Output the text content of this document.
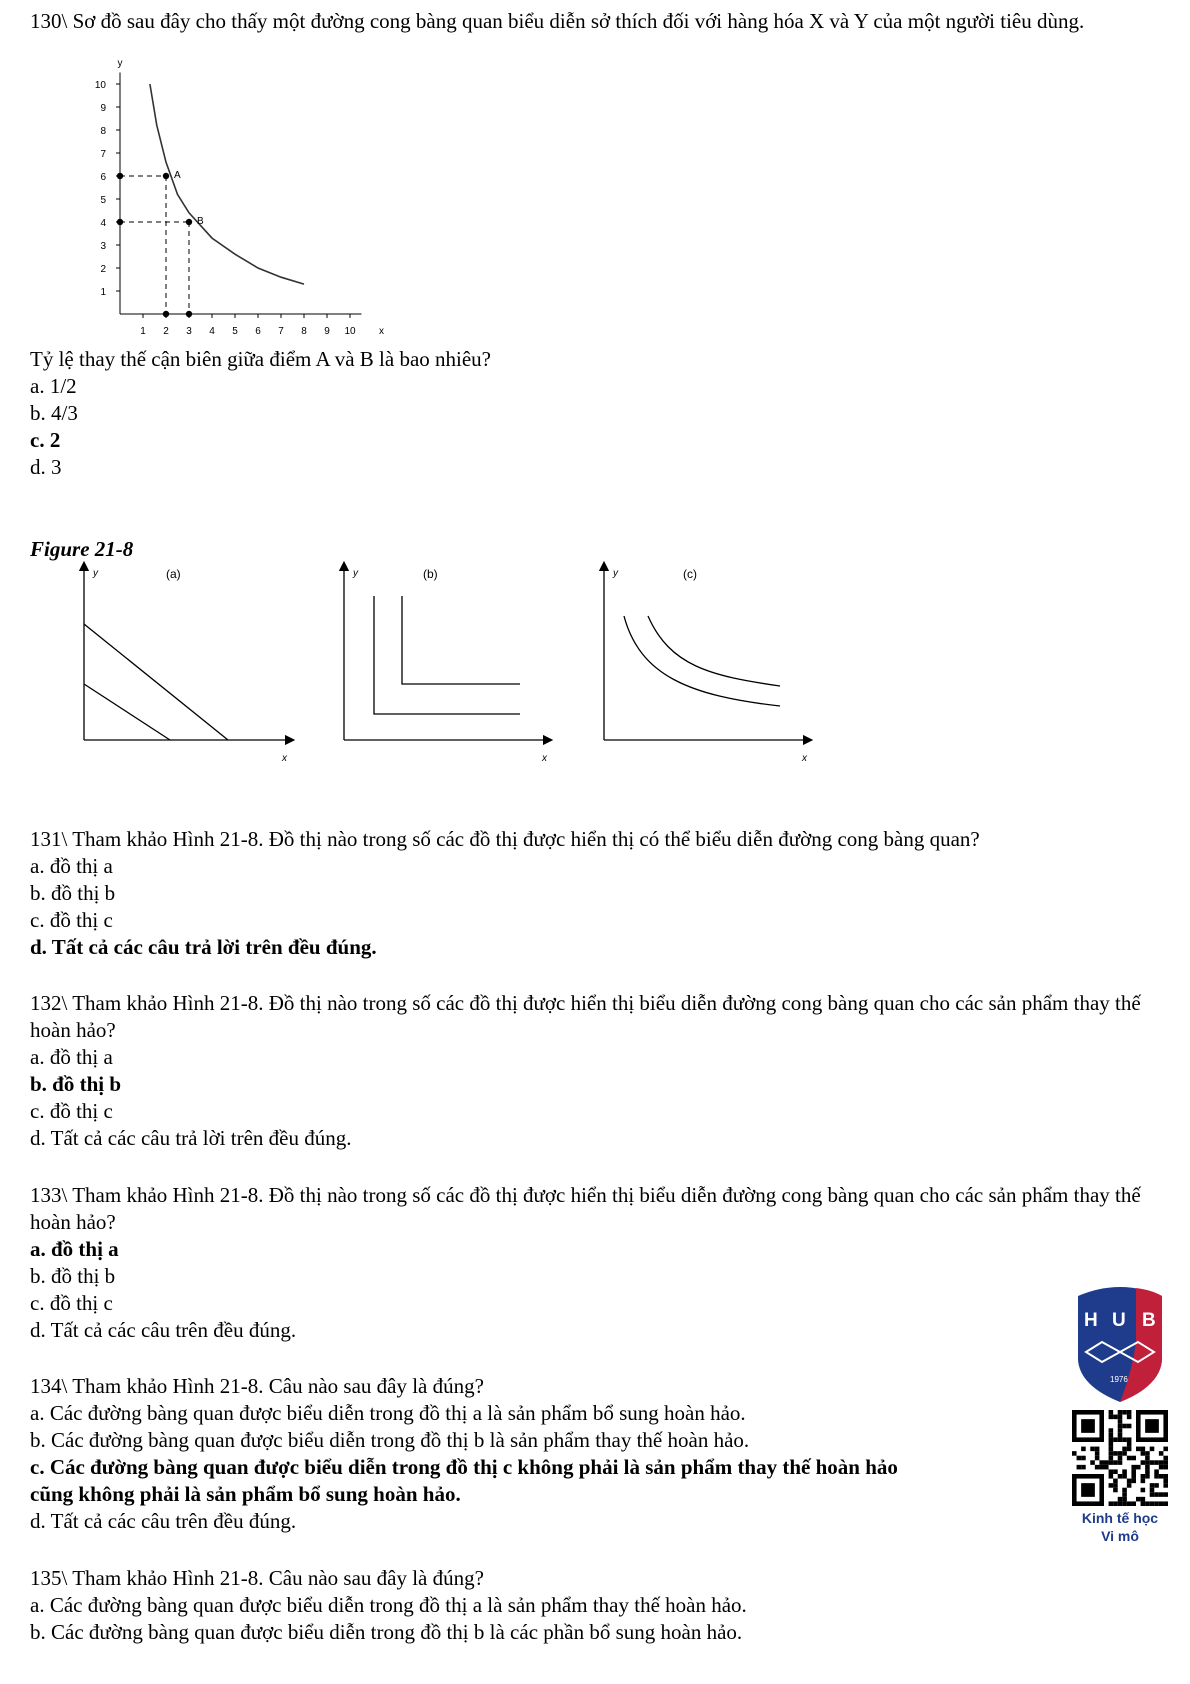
130\ Sơ đồ sau đây cho thấy một đường cong bàng quan biểu diễn sở thích đối với hàng hóa X và Y của một người tiêu dùng.
1
2
3
4
5
6
7
8
9
10
1 2 3 4 5 6 7 8 9 10
y
x
A
B
Tỷ lệ thay thế cận biên giữa điểm A và B là bao nhiêu?
a. 1/2
b. 4/3
c. 2
d. 3
Figure 21-8
(a)
y
x
(b)
y
x
(c)
y
x
131\ Tham khảo Hình 21-8. Đồ thị nào trong số các đồ thị được hiển thị có thể biểu diễn đường cong bàng quan?
a. đồ thị a
b. đồ thị b
c. đồ thị c
d. Tất cả các câu trả lời trên đều đúng.
132\ Tham khảo Hình 21-8. Đồ thị nào trong số các đồ thị được hiển thị biểu diễn đường cong bàng quan cho các sản phẩm thay thế hoàn hảo?
a. đồ thị a
b. đồ thị b
c. đồ thị c
d. Tất cả các câu trả lời trên đều đúng.
133\ Tham khảo Hình 21-8. Đồ thị nào trong số các đồ thị được hiển thị biểu diễn đường cong bàng quan cho các sản phẩm thay thế hoàn hảo?
a. đồ thị a
b. đồ thị b
c. đồ thị c
d. Tất cả các câu trên đều đúng.
134\ Tham khảo Hình 21-8. Câu nào sau đây là đúng?
a. Các đường bàng quan được biểu diễn trong đồ thị a là sản phẩm bổ sung hoàn hảo.
b. Các đường bàng quan được biểu diễn trong đồ thị b là sản phẩm thay thế hoàn hảo.
c. Các đường bàng quan được biểu diễn trong đồ thị c không phải là sản phẩm thay thế hoàn hảo
cũng không phải là sản phẩm bổ sung hoàn hảo.
d. Tất cả các câu trên đều đúng.
135\ Tham khảo Hình 21-8. Câu nào sau đây là đúng?
a. Các đường bàng quan được biểu diễn trong đồ thị a là sản phẩm thay thế hoàn hảo.
b. Các đường bàng quan được biểu diễn trong đồ thị b là các phần bổ sung hoàn hảo.
H U B
1976
Kinh tế học
Vi mô
